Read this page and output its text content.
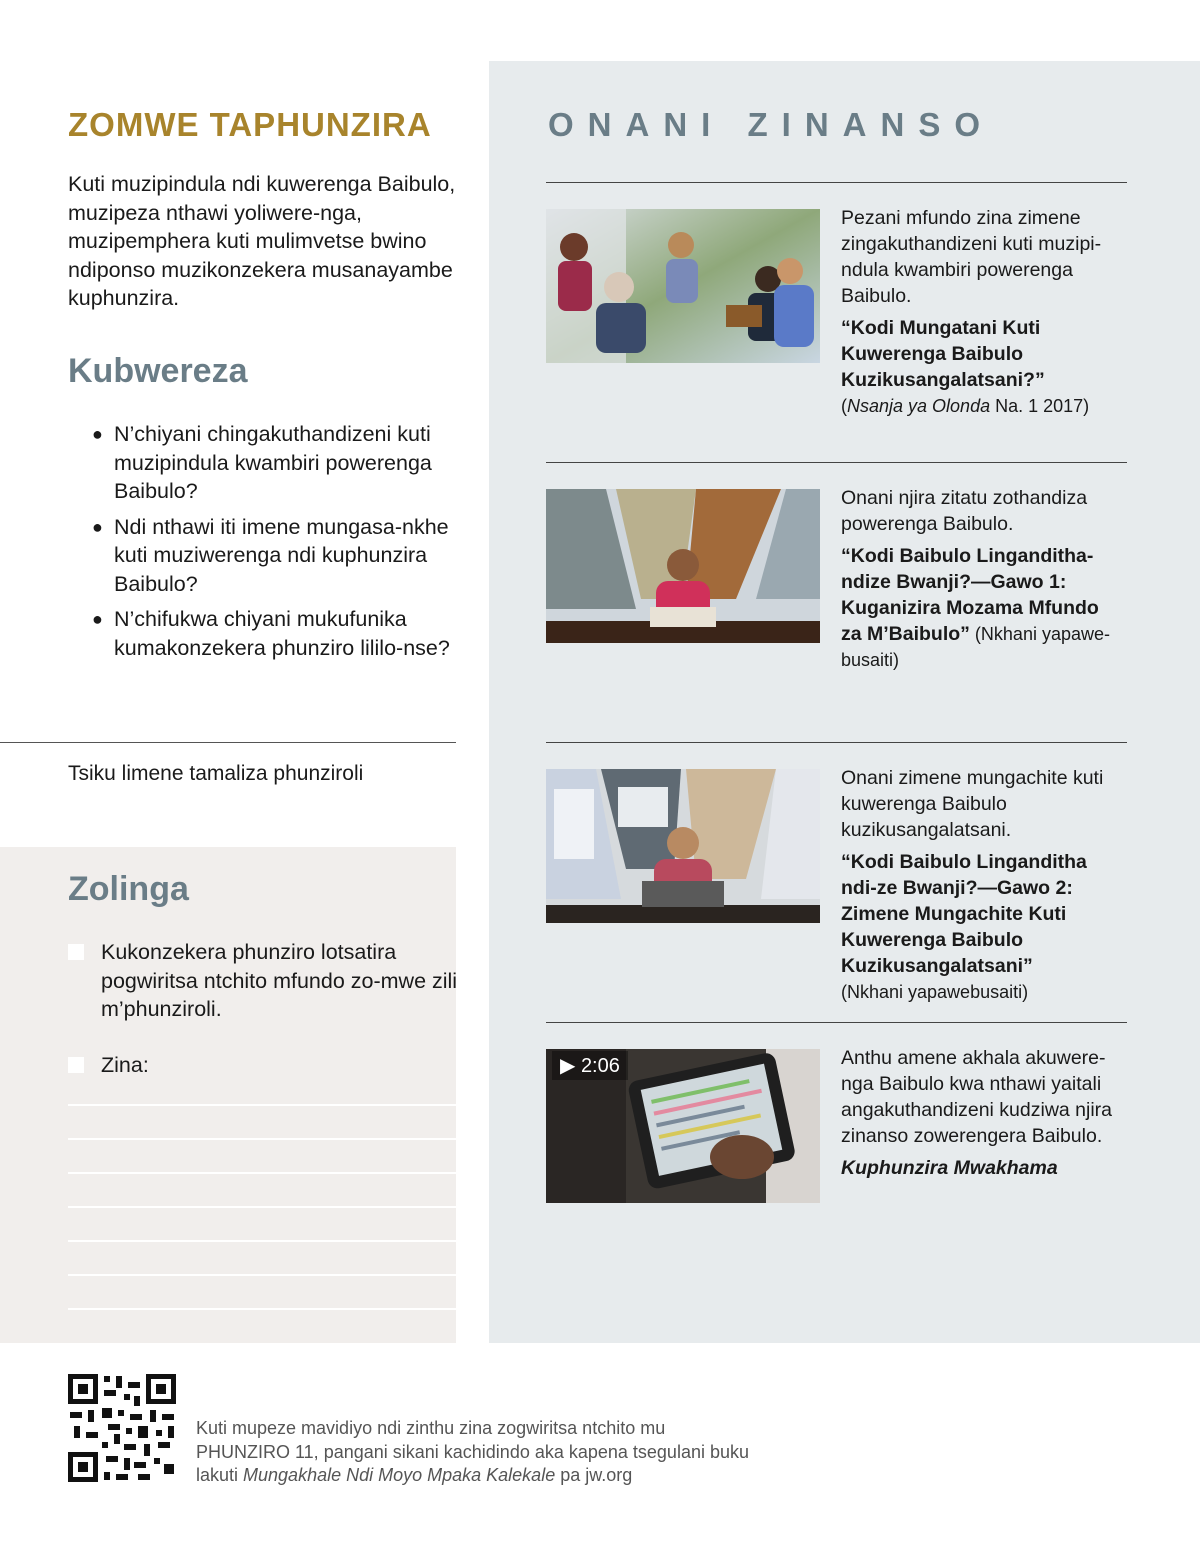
ZOMWE TAPHUNZIRA
Kuti muzipindula ndi kuwerenga Baibulo, muzipeza nthawi yoliwere-nga, muzipemphera kuti mulimvetse bwino ndiponso muzikonzekera musanayambe kuphunzira.
Kubwereza
● N’chiyani chingakuthandizeni kuti muzipindula kwambiri powerenga Baibulo?
● Ndi nthawi iti imene mungasa-nkhe kuti muziwerenga ndi kuphunzira Baibulo?
● N’chifukwa chiyani mukufunika kumakonzekera phunziro lililo-nse?
Tsiku limene tamaliza phunziroli
Zolinga
Kukonzekera phunziro lotsatira pogwiritsa ntchito mfundo zo-mwe zili m’phunziroli.
Zina:
ONANI ZINANSO

Pezani mfundo zina zimene zingakuthandizeni kuti muzipi-ndula kwambiri powerenga Baibulo.

“Kodi Mungatani Kuti Kuwerenga Baibulo Kuzikusangalatsani?”
(Nsanja ya Olonda Na. 1 2017)

Onani njira zitatu zothandiza powerenga Baibulo.

“Kodi Baibulo Linganditha-ndize Bwanji?—Gawo 1: Kuganizira Mozama Mfundo za M’Baibulo” (Nkhani yapawe-busaiti)

Onani zimene mungachite kuti kuwerenga Baibulo kuzikusangalatsani.

“Kodi Baibulo Linganditha ndi-ze Bwanji?—Gawo 2: Zimene Mungachite Kuti Kuwerenga Baibulo Kuzikusangalatsani”
(Nkhani yapawebusaiti)
▶ 2:06	Anthu amene akhala akuwere-nga Baibulo kwa nthawi yaitali angakuthandizeni kudziwa njira zinanso zowerengera Baibulo.

Kuphunzira Mwakhama
Kuti mupeze mavidiyo ndi zinthu zina zogwiritsa ntchito mu PHUNZIRO 11, pangani sikani kachidindo aka kapena tsegulani buku lakuti Mungakhale Ndi Moyo Mpaka Kalekale pa jw.org
